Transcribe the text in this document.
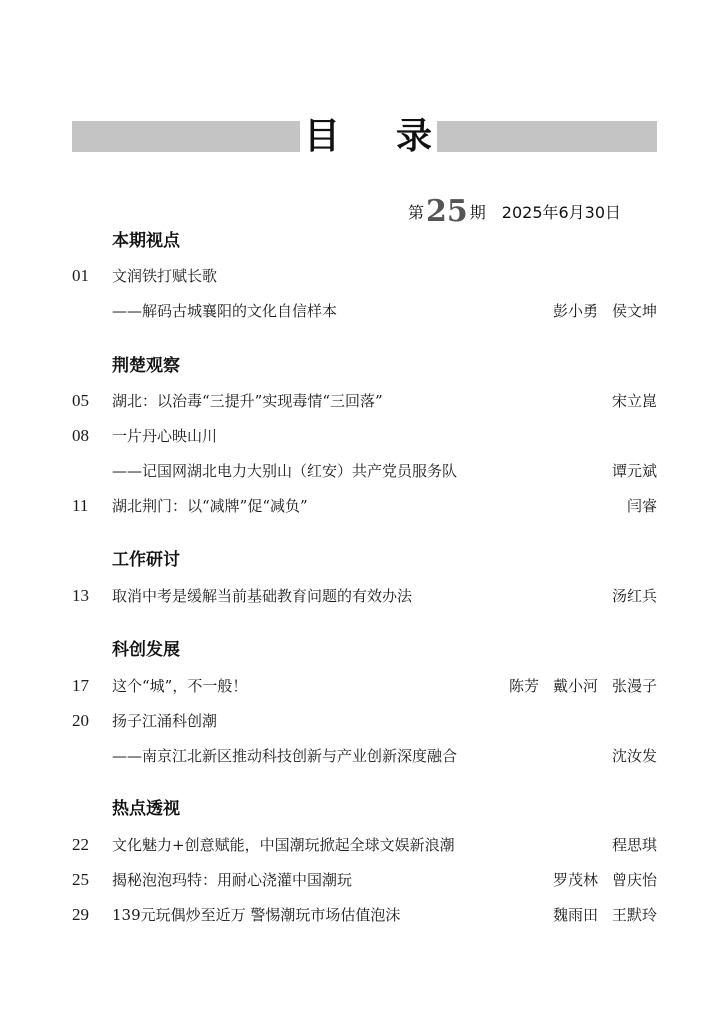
目 录
第 25 期 2025年6月30日
本期视点
01	文润铁打赋长歌
——解码古城襄阳的文化自信样本	彭小勇 侯文坤
荆楚观察
05	湖北：以治毒“三提升”实现毒情“三回落”	宋立崑
08	一片丹心映山川
——记国网湖北电力大别山（红安）共产党员服务队	谭元斌
11	湖北荆门：以“减牌”促“减负”	闫睿
工作研讨
13	取消中考是缓解当前基础教育问题的有效办法	汤红兵
科创发展
17	这个“城”，不一般！	陈芳 戴小河 张漫子
20	扬子江涌科创潮
——南京江北新区推动科技创新与产业创新深度融合	沈汝发
热点透视
22	文化魅力+创意赋能，中国潮玩掀起全球文娱新浪潮	程思琪
25	揭秘泡泡玛特：用耐心浇灌中国潮玩	罗茂林 曾庆怡
29	139元玩偶炒至近万 警惕潮玩市场估值泡沫	魏雨田 王默玲
